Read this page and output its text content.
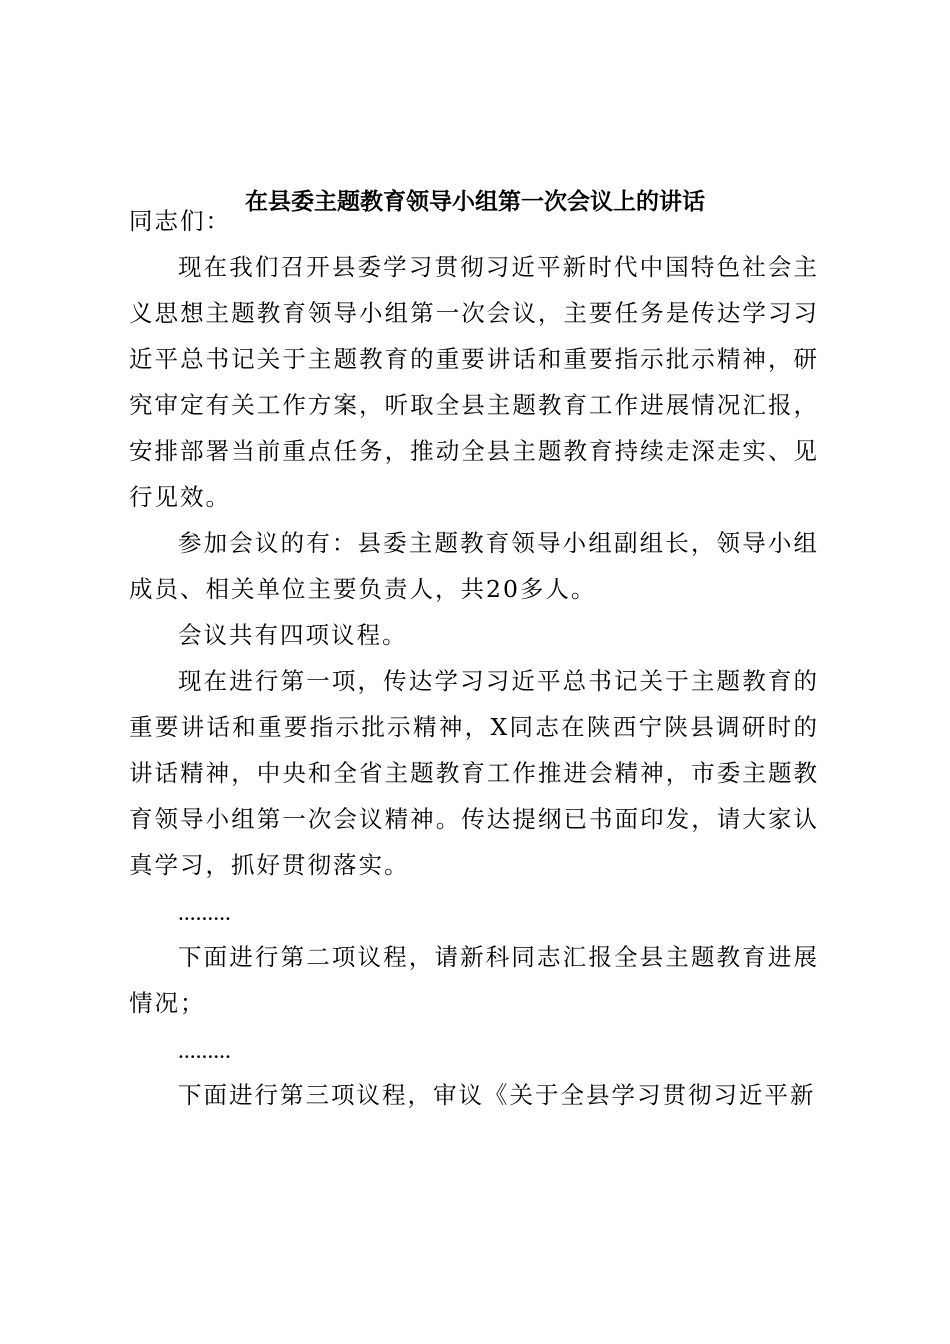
在县委主题教育领导小组第一次会议上的讲话

同志们：

现在我们召开县委学习贯彻习近平新时代中国特色社会主义思想主题教育领导小组第一次会议，主要任务是传达学习习近平总书记关于主题教育的重要讲话和重要指示批示精神，研究审定有关工作方案，听取全县主题教育工作进展情况汇报，安排部署当前重点任务，推动全县主题教育持续走深走实、见行见效。

参加会议的有：县委主题教育领导小组副组长，领导小组成员、相关单位主要负责人，共20多人。

会议共有四项议程。

现在进行第一项，传达学习习近平总书记关于主题教育的重要讲话和重要指示批示精神，X同志在陕西宁陕县调研时的讲话精神，中央和全省主题教育工作推进会精神，市委主题教育领导小组第一次会议精神。传达提纲已书面印发，请大家认真学习，抓好贯彻落实。

.........

下面进行第二项议程，请新科同志汇报全县主题教育进展情况；

.........

下面进行第三项议程，审议《关于全县学习贯彻习近平新
